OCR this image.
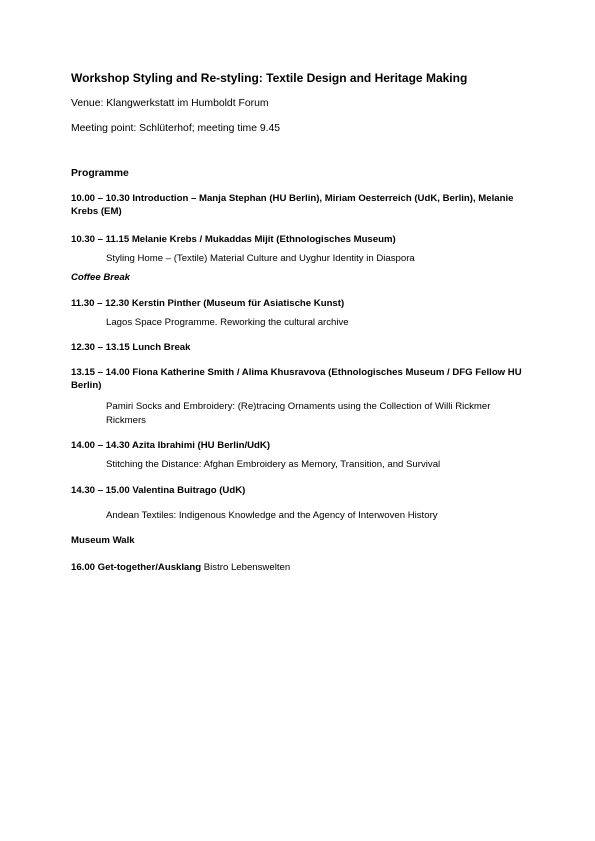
Workshop Styling and Re-styling: Textile Design and Heritage Making
Venue: Klangwerkstatt im Humboldt Forum
Meeting point: Schlüterhof; meeting time 9.45
Programme
10.00 – 10.30 Introduction – Manja Stephan (HU Berlin), Miriam Oesterreich (UdK, Berlin), Melanie Krebs (EM)
10.30 – 11.15 Melanie Krebs / Mukaddas Mijit (Ethnologisches Museum)
Styling Home – (Textile) Material Culture and Uyghur Identity in Diaspora
Coffee Break
11.30 – 12.30 Kerstin Pinther (Museum für Asiatische Kunst)
Lagos Space Programme. Reworking the cultural archive
12.30 – 13.15 Lunch Break
13.15 – 14.00 Fiona Katherine Smith / Alima Khusravova (Ethnologisches Museum / DFG Fellow HU Berlin)
Pamiri Socks and Embroidery: (Re)tracing Ornaments using the Collection of Willi Rickmer Rickmers
14.00 – 14.30 Azita Ibrahimi (HU Berlin/UdK)
Stitching the Distance: Afghan Embroidery as Memory, Transition, and Survival
14.30 – 15.00 Valentina Buitrago (UdK)
Andean Textiles: Indigenous Knowledge and the Agency of Interwoven History
Museum Walk
16.00 Get-together/Ausklang Bistro Lebenswelten
